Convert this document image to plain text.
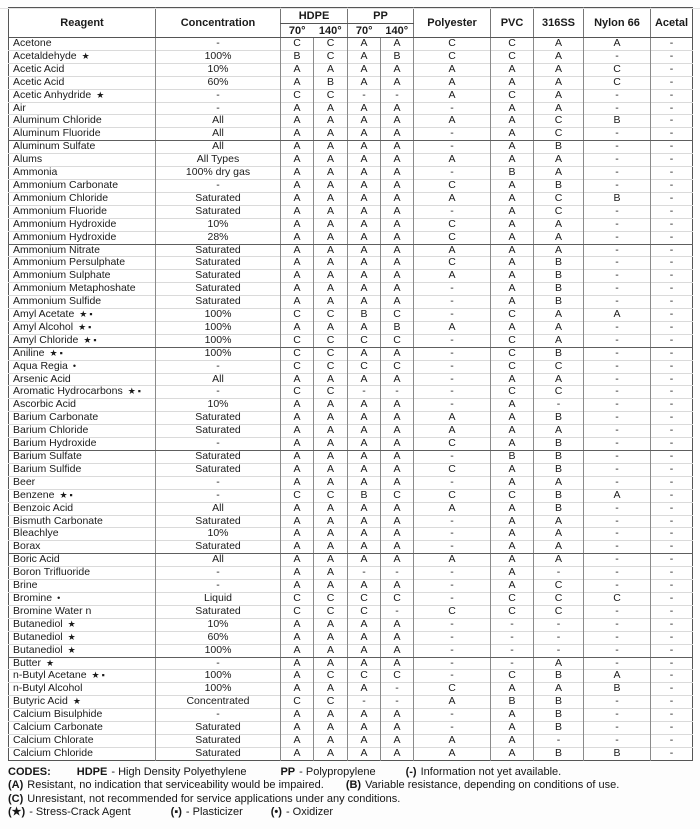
Reagent	Concentration	HDPE		PP		Polyester	PVC	316SS	Nylon 66	Acetal
		70°	140°	70°	140°					
Acetone	-	C	C	A	A	C	C	A	A	-
Acetaldehyde ★	100%	B	C	A	B	C	C	A	-	-
Acetic Acid	10%	A	A	A	A	A	A	A	C	-
Acetic Acid	60%	A	B	A	A	A	A	A	C	-
Acetic Anhydride ★	-	C	C	-	-	A	C	A	-	-
Air	-	A	A	A	A	-	A	A	-	-
Aluminum Chloride	All	A	A	A	A	A	A	C	B	-
Aluminum Fluoride	All	A	A	A	A	-	A	C	-	-
Aluminum Sulfate	All	A	A	A	A	-	A	B	-	-
Alums	All Types	A	A	A	A	A	A	A	-	-
Ammonia	100% dry gas	A	A	A	A	-	B	A	-	-
Ammonium Carbonate	-	A	A	A	A	C	A	B	-	-
Ammonium Chloride	Saturated	A	A	A	A	A	A	C	B	-
Ammonium Fluoride	Saturated	A	A	A	A	-	A	C	-	-
Ammonium Hydroxide	10%	A	A	A	A	C	A	A	-	-
Ammonium Hydroxide	28%	A	A	A	A	C	A	A	-	-
Ammonium Nitrate	Saturated	A	A	A	A	A	A	A	-	-
Ammonium Persulphate	Saturated	A	A	A	A	C	A	B	-	-
Ammonium Sulphate	Saturated	A	A	A	A	A	A	B	-	-
Ammonium Metaphoshate	Saturated	A	A	A	A	-	A	B	-	-
Ammonium Sulfide	Saturated	A	A	A	A	-	A	B	-	-
Amyl Acetate ★▪	100%	C	C	B	C	-	C	A	A	-
Amyl Alcohol ★▪	100%	A	A	A	B	A	A	A	-	-
Amyl Chloride ★▪	100%	C	C	C	C	-	C	A	-	-
Aniline ★▪	100%	C	C	A	A	-	C	B	-	-
Aqua Regia •	-	C	C	C	C	-	C	C	-	-
Arsenic Acid	All	A	A	A	A	-	A	A	-	-
Aromatic Hydrocarbons ★▪	-	C	C	-	-	-	C	C	-	-
Ascorbic Acid	10%	A	A	A	A	-	A	-	-	-
Barium Carbonate	Saturated	A	A	A	A	A	A	B	-	-
Barium Chloride	Saturated	A	A	A	A	A	A	A	-	-
Barium Hydroxide	-	A	A	A	A	C	A	B	-	-
Barium Sulfate	Saturated	A	A	A	A	-	B	B	-	-
Barium Sulfide	Saturated	A	A	A	A	C	A	B	-	-
Beer	-	A	A	A	A	-	A	A	-	-
Benzene ★▪	-	C	C	B	C	C	C	B	A	-
Benzoic Acid	All	A	A	A	A	A	A	B	-	-
Bismuth Carbonate	Saturated	A	A	A	A	-	A	A	-	-
Bleachlye	10%	A	A	A	A	-	A	A	-	-
Borax	Saturated	A	A	A	A	-	A	A	-	-
Boric Acid	All	A	A	A	A	A	A	A	-	-
Boron Trifluoride	-	A	A	-	-	-	A	-	-	-
Brine	-	A	A	A	A	-	A	C	-	-
Bromine •	Liquid	C	C	C	C	-	C	C	C	-
Bromine Water n	Saturated	C	C	C	-	C	C	C	-	-
Butanediol ★	10%	A	A	A	A	-	-	-	-	-
Butanediol ★	60%	A	A	A	A	-	-	-	-	-
Butanediol ★	100%	A	A	A	A	-	-	-	-	-
Butter ★	-	A	A	A	A	-	-	A	-	-
n-Butyl Acetane ★▪	100%	A	C	C	C	-	C	B	A	-
n-Butyl Alcohol	100%	A	A	A	-	C	A	A	B	-
Butyric Acid ★	Concentrated	C	C	-	-	A	B	B	-	-
Calcium Bisulphide	-	A	A	A	A	-	A	B	-	-
Calcium Carbonate	Saturated	A	A	A	A	-	A	B	-	-
Calcium Chlorate	Saturated	A	A	A	A	A	A	-	-	-
Calcium Chloride	Saturated	A	A	A	A	A	A	B	B	-
CODES: HDPE - High Density Polyethylene	PP - Polypropylene	(-) Information not yet available.
(A) Resistant, no indication that serviceability would be impaired. (B) Variable resistance, depending on conditions of use.
(C) Unresistant, not recommended for service applications under any conditions.
(★) - Stress-Crack Agent	(▪) - Plasticizer	(•) - Oxidizer
